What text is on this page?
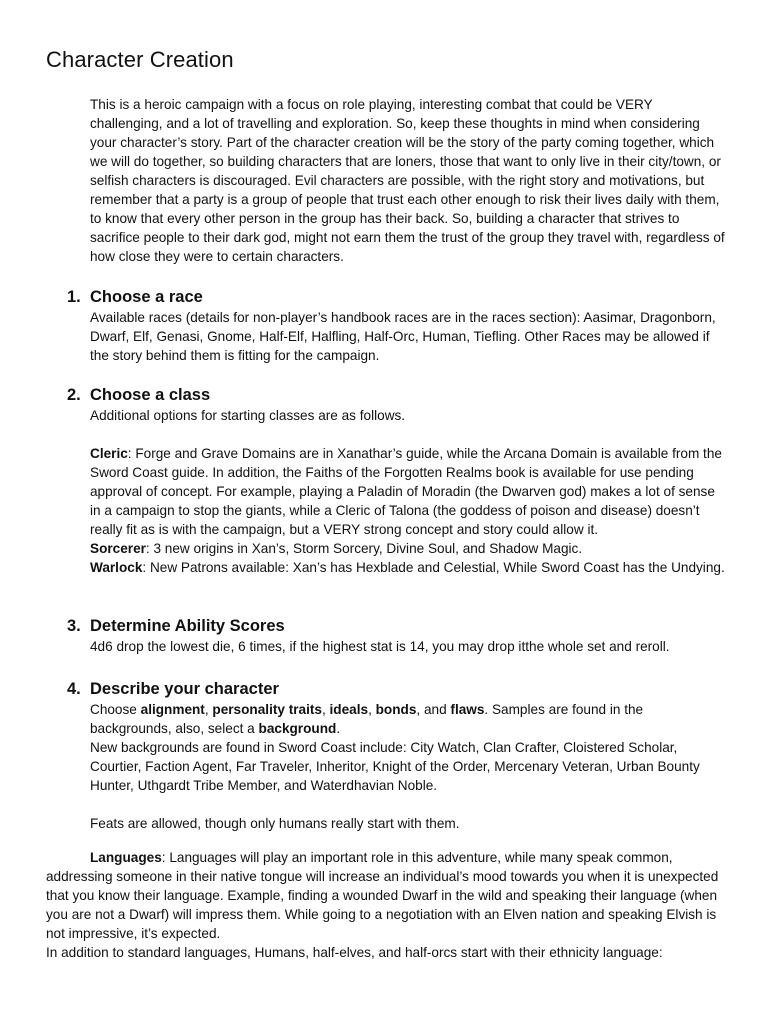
Character Creation

This is a heroic campaign with a focus on role playing, interesting combat that could be VERY challenging, and a lot of travelling and exploration. So, keep these thoughts in mind when considering your character’s story. Part of the character creation will be the story of the party coming together, which we will do together, so building characters that are loners, those that want to only live in their city/town, or selfish characters is discouraged. Evil characters are possible, with the right story and motivations, but remember that a party is a group of people that trust each other enough to risk their lives daily with them, to know that every other person in the group has their back. So, building a character that strives to sacrifice people to their dark god, might not earn them the trust of the group they travel with, regardless of how close they were to certain characters.

1. Choose a race

Available races (details for non-player’s handbook races are in the races section): Aasimar, Dragonborn, Dwarf, Elf, Genasi, Gnome, Half-Elf, Halfling, Half-Orc, Human, Tiefling. Other Races may be allowed if the story behind them is fitting for the campaign.

2. Choose a class

Additional options for starting classes are as follows.

Cleric: Forge and Grave Domains are in Xanathar’s guide, while the Arcana Domain is available from the Sword Coast guide. In addition, the Faiths of the Forgotten Realms book is available for use pending approval of concept. For example, playing a Paladin of Moradin (the Dwarven god) makes a lot of sense in a campaign to stop the giants, while a Cleric of Talona (the goddess of poison and disease) doesn’t really fit as is with the campaign, but a VERY strong concept and story could allow it.

Sorcerer: 3 new origins in Xan’s, Storm Sorcery, Divine Soul, and Shadow Magic.

Warlock: New Patrons available: Xan’s has Hexblade and Celestial, While Sword Coast has the Undying.

3. Determine Ability Scores

4d6 drop the lowest die, 6 times, if the highest stat is 14, you may drop itthe whole set and reroll.

4. Describe your character

Choose alignment, personality traits, ideals, bonds, and flaws. Samples are found in the backgrounds, also, select a background.

New backgrounds are found in Sword Coast include: City Watch, Clan Crafter, Cloistered Scholar, Courtier, Faction Agent, Far Traveler, Inheritor, Knight of the Order, Mercenary Veteran, Urban Bounty Hunter, Uthgardt Tribe Member, and Waterdhavian Noble.

Feats are allowed, though only humans really start with them.

Languages: Languages will play an important role in this adventure, while many speak common, addressing someone in their native tongue will increase an individual’s mood towards you when it is unexpected that you know their language. Example, finding a wounded Dwarf in the wild and speaking their language (when you are not a Dwarf) will impress them. While going to a negotiation with an Elven nation and speaking Elvish is not impressive, it’s expected.

In addition to standard languages, Humans, half-elves, and half-orcs start with their ethnicity language:
